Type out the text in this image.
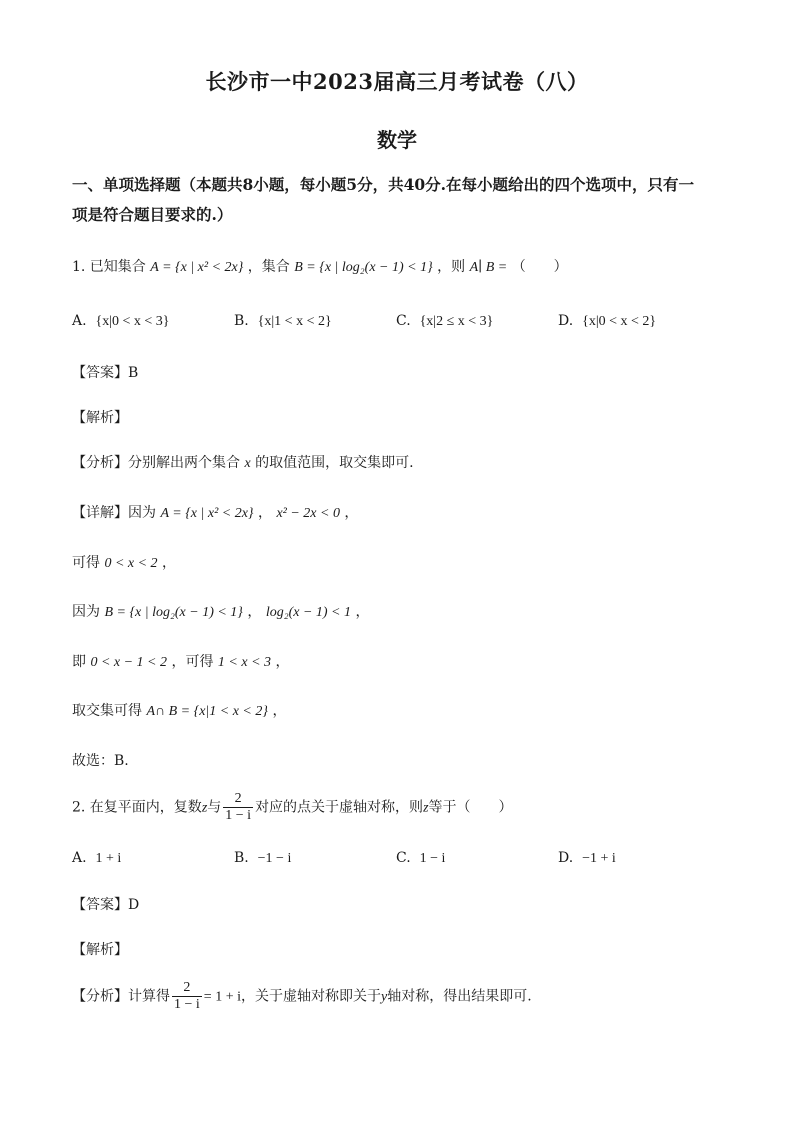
长沙市一中2023届高三月考试卷（八）
数学
一、单项选择题（本题共8小题，每小题5分，共40分.在每小题给出的四个选项中，只有一
项是符合题目要求的.）
1. 已知集合 A = {x | x² < 2x} ，集合 B = {x | log₂(x − 1) < 1} ，则 A∣ B = （　　）
A. {x|0 < x < 3}	B. {x|1 < x < 2}	C. {x|2 ≤ x < 3}	D. {x|0 < x < 2}
【答案】B
【解析】
【分析】分别解出两个集合 x 的取值范围，取交集即可.
【详解】因为 A = {x | x² < 2x} ， x² − 2x < 0 ，
可得 0 < x < 2 ，
因为 B = {x | log₂(x − 1) < 1} ， log₂(x − 1) < 1 ，
即 0 < x − 1 < 2 ，可得 1 < x < 3 ，
取交集可得 A∩ B = {x|1 < x < 2} ，
故选：B.
2. 在复平面内，复数z与 $\frac{2}{1 - i}$ 对应的点关于虚轴对称，则z等于（　　）
A. 1 + i	B. −1 − i	C. 1 − i	D. −1 + i
【答案】D
【解析】
【分析】计算得 $\frac{2}{1 - i} = 1 + i$，关于虚轴对称即关于y轴对称，得出结果即可.
